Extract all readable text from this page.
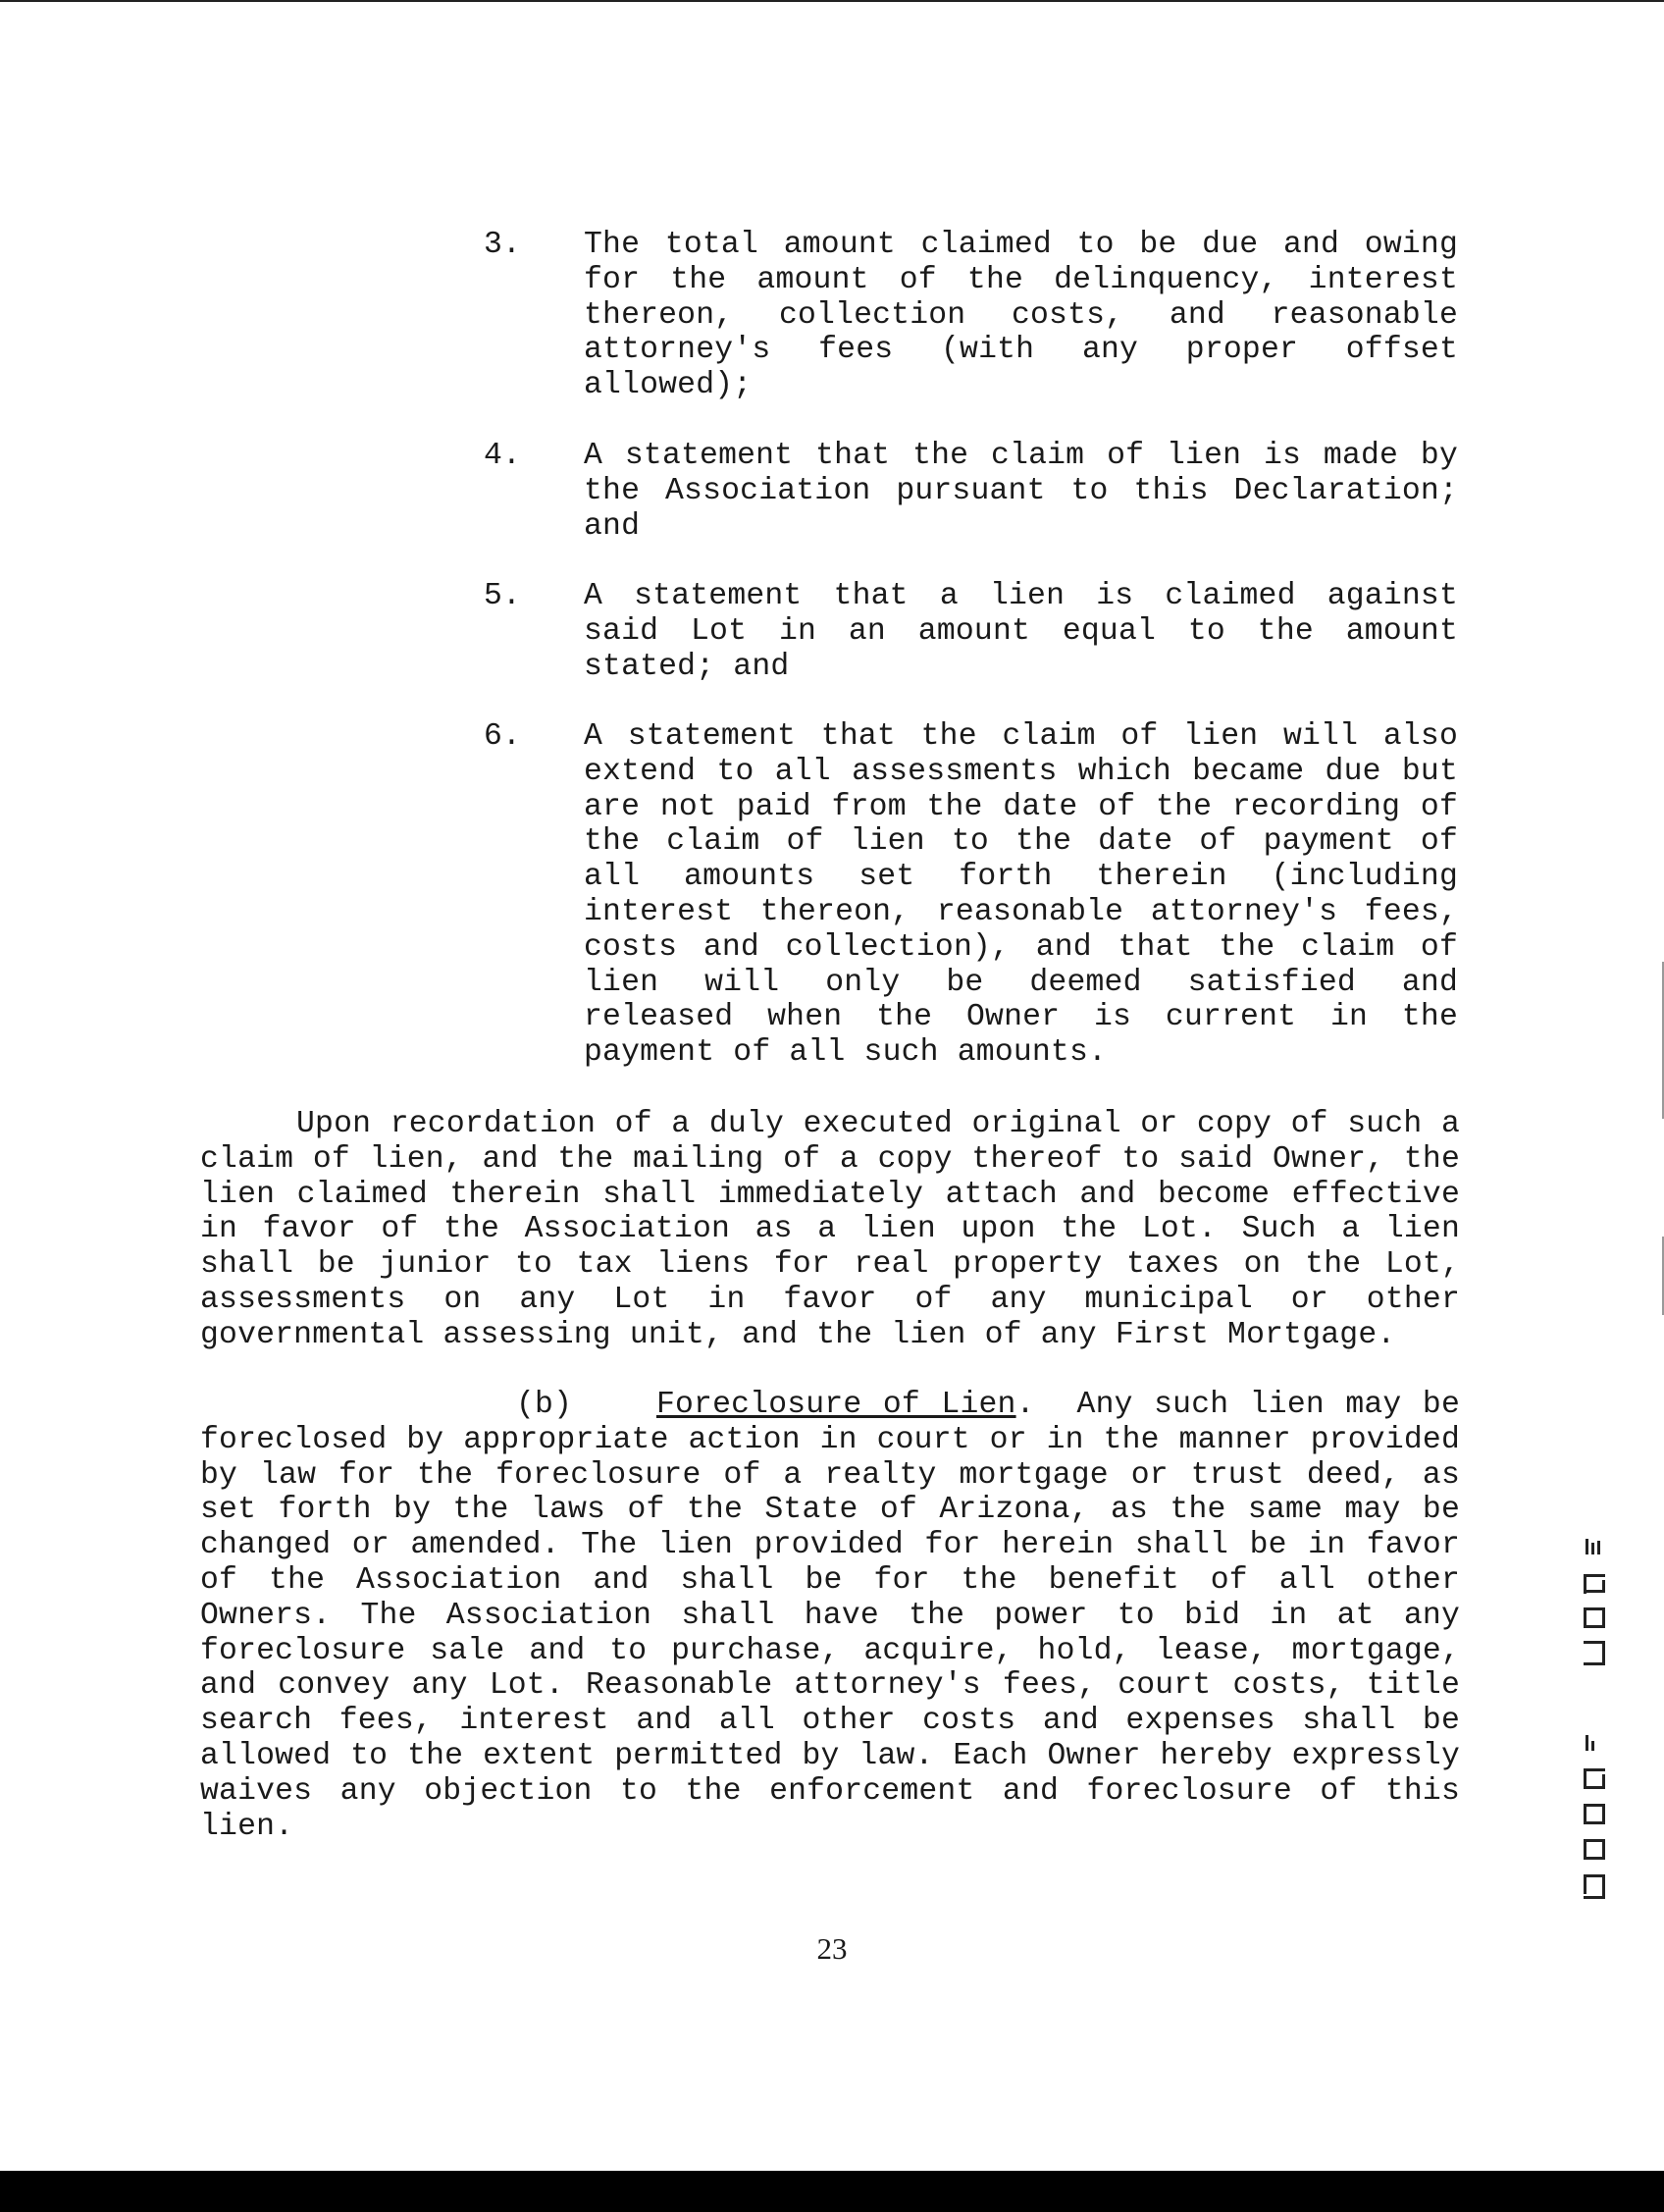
3.	The total amount claimed to be due and owing for the amount of the delinquency, interest thereon, collection costs, and reasonable attorney's fees (with any proper offset allowed);
4.	A statement that the claim of lien is made by the Association pursuant to this Declaration; and
5.	A statement that a lien is claimed against said Lot in an amount equal to the amount stated; and
6.	A statement that the claim of lien will also extend to all assessments which became due but are not paid from the date of the recording of the claim of lien to the date of payment of all amounts set forth therein (including interest thereon, reasonable attorney's fees, costs and collection), and that the claim of lien will only be deemed satisfied and released when the Owner is current in the payment of all such amounts.
Upon recordation of a duly executed original or copy of such a claim of lien, and the mailing of a copy thereof to said Owner, the lien claimed therein shall immediately attach and become effective in favor of the Association as a lien upon the Lot. Such a lien shall be junior to tax liens for real property taxes on the Lot, assessments on any Lot in favor of any municipal or other governmental assessing unit, and the lien of any First Mortgage.
(b)	Foreclosure of Lien. Any such lien may be foreclosed by appropriate action in court or in the manner provided by law for the foreclosure of a realty mortgage or trust deed, as set forth by the laws of the State of Arizona, as the same may be changed or amended. The lien provided for herein shall be in favor of the Association and shall be for the benefit of all other Owners. The Association shall have the power to bid in at any foreclosure sale and to purchase, acquire, hold, lease, mortgage, and convey any Lot. Reasonable attorney's fees, court costs, title search fees, interest and all other costs and expenses shall be allowed to the extent permitted by law. Each Owner hereby expressly waives any objection to the enforcement and foreclosure of this lien.
23
